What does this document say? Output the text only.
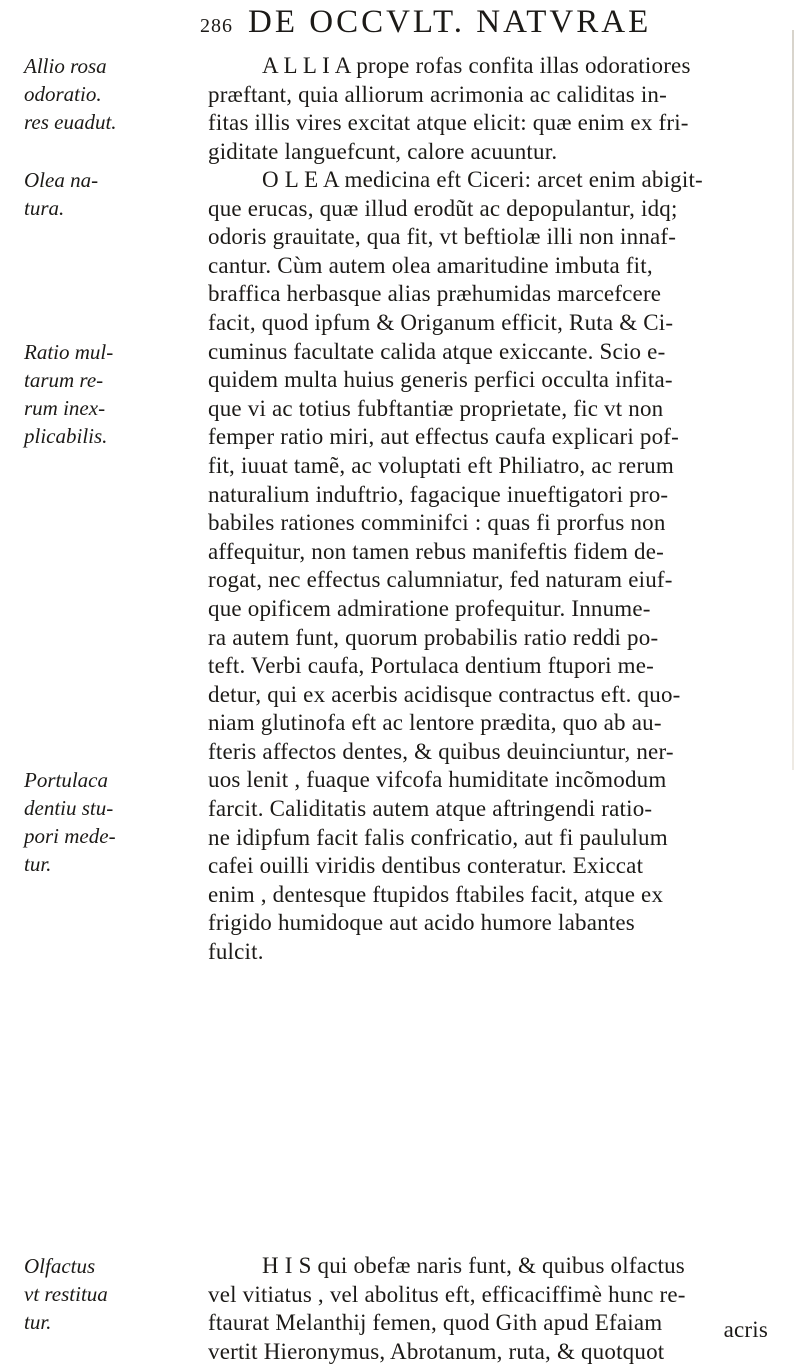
286 DE OCCVLT. NATVRAE
Allio rosa
odoratio.
res euadut.
Olea na-
tura.
Ratio mul-
tarum re-
rum inex-
plicabilis.
Portulaca
dentiu stu-
pori mede-
tur.
Olfactus
vt restitua
tur.
A L L I A prope rofas confita illas odoratiores
præftant, quia alliorum acrimonia ac caliditas in-
fitas illis vires excitat atque elicit: quæ enim ex fri-
giditate languefcunt, calore acuuntur.
O L E A medicina eft Ciceri: arcet enim abigit-
que erucas, quæ illud erodũt ac depopulantur, idq;
odoris grauitate, qua fit, vt beftiolæ illi non innaf-
cantur. Cùm autem olea amaritudine imbuta fit,
braffica herbasque alias præhumidas marcefcere
facit, quod ipfum & Origanum efficit, Ruta & Ci-
cuminus facultate calida atque exiccante. Scio e-
quidem multa huius generis perfici occulta infita-
que vi ac totius fubftantiæ proprietate, fic vt non
femper ratio miri, aut effectus caufa explicari pof-
fit, iuuat tamẽ, ac voluptati eft Philiatro, ac rerum
naturalium induftrio, fagacique inueftigatori pro-
babiles rationes comminifci : quas fi prorfus non
affequitur, non tamen rebus manifeftis fidem de-
rogat, nec effectus calumniatur, fed naturam eiuf-
que opificem admiratione profequitur. Innume-
ra autem funt, quorum probabilis ratio reddi po-
teft. Verbi caufa, Portulaca dentium ftupori me-
detur, qui ex acerbis acidisque contractus eft. quo-
niam glutinofa eft ac lentore prædita, quo ab au-
fteris affectos dentes, & quibus deuinciuntur, ner-
uos lenit , fuaque vifcofa humiditate incõmodum
farcit. Caliditatis autem atque aftringendi ratio-
ne idipfum facit falis confricatio, aut fi paululum
cafei ouilli viridis dentibus conteratur. Exiccat
enim , dentesque ftupidos ftabiles facit, atque ex
frigido humidoque aut acido humore labantes
fulcit.
H I S qui obefæ naris funt, & quibus olfactus
vel vitiatus , vel abolitus eft, efficaciffimè hunc re-
ftaurat Melanthij femen, quod Gith apud Efaiam
vertit Hieronymus, Abrotanum, ruta, & quotquot
acris
